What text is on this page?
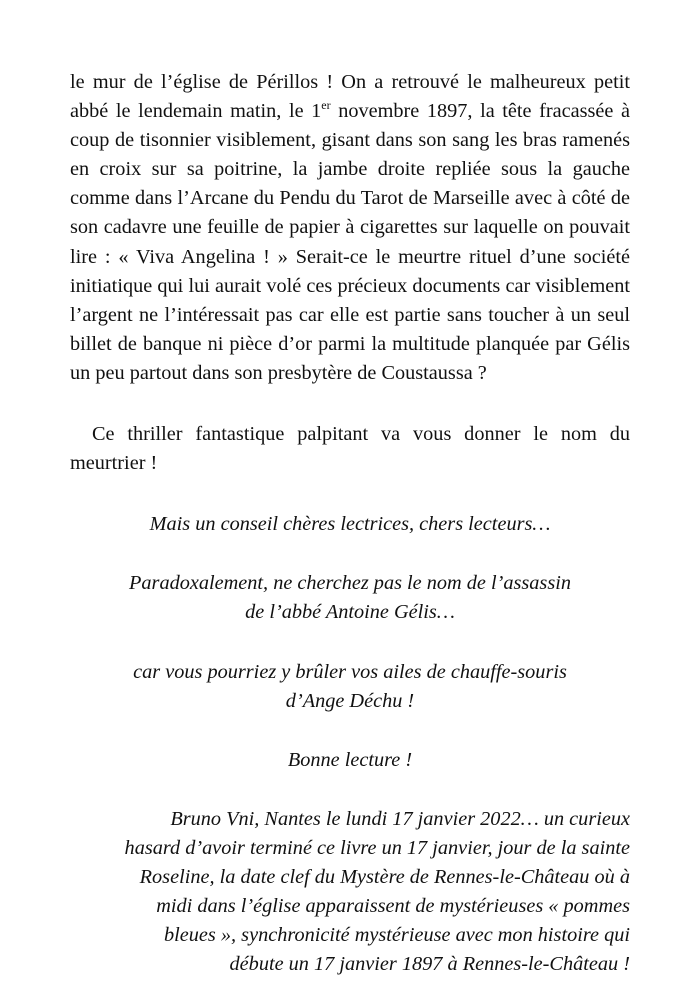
le mur de l’église de Périllos ! On a retrouvé le malheureux petit abbé le lendemain matin, le 1er novembre 1897, la tête fracassée à coup de tisonnier visiblement, gisant dans son sang les bras ramenés en croix sur sa poitrine, la jambe droite repliée sous la gauche comme dans l’Arcane du Pendu du Tarot de Marseille avec à côté de son cadavre une feuille de papier à cigarettes sur laquelle on pouvait lire : « Viva Angelina ! » Serait-ce le meurtre rituel d’une société initiatique qui lui aurait volé ces précieux documents car visiblement l’argent ne l’intéressait pas car elle est partie sans toucher à un seul billet de banque ni pièce d’or parmi la multitude planquée par Gélis un peu partout dans son presbytère de Coustaussa ?

Ce thriller fantastique palpitant va vous donner le nom du meurtrier !

Mais un conseil chères lectrices, chers lecteurs…

Paradoxalement, ne cherchez pas le nom de l’assassin
de l’abbé Antoine Gélis…

car vous pourriez y brûler vos ailes de chauffe-souris
d’Ange Déchu !

Bonne lecture !

Bruno Vni, Nantes le lundi 17 janvier 2022… un curieux
hasard d’avoir terminé ce livre un 17 janvier, jour de la sainte
Roseline, la date clef du Mystère de Rennes-le-Château où à
midi dans l’église apparaissent de mystérieuses « pommes
bleues », synchronicité mystérieuse avec mon histoire qui
débute un 17 janvier 1897 à Rennes-le-Château !
